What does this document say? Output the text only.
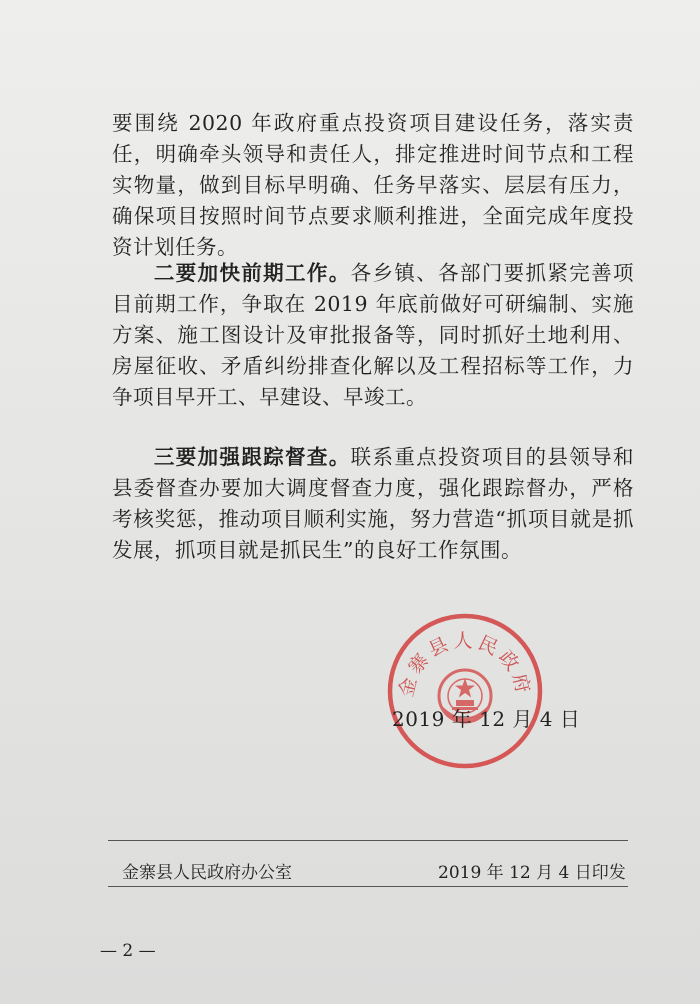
要围绕 2020 年政府重点投资项目建设任务，落实责任，明确牵头领导和责任人，排定推进时间节点和工程实物量，做到目标早明确、任务早落实、层层有压力，确保项目按照时间节点要求顺利推进，全面完成年度投资计划任务。
二要加快前期工作。各乡镇、各部门要抓紧完善项目前期工作，争取在 2019 年底前做好可研编制、实施方案、施工图设计及审批报备等，同时抓好土地利用、房屋征收、矛盾纠纷排查化解以及工程招标等工作，力争项目早开工、早建设、早竣工。
三要加强跟踪督查。联系重点投资项目的县领导和县委督查办要加大调度督查力度，强化跟踪督办，严格考核奖惩，推动项目顺利实施，努力营造“抓项目就是抓发展，抓项目就是抓民生”的良好工作氛围。
金寨县人民政府
2019 年 12 月 4 日
金寨县人民政府办公室	2019 年 12 月 4 日印发
— 2 —
